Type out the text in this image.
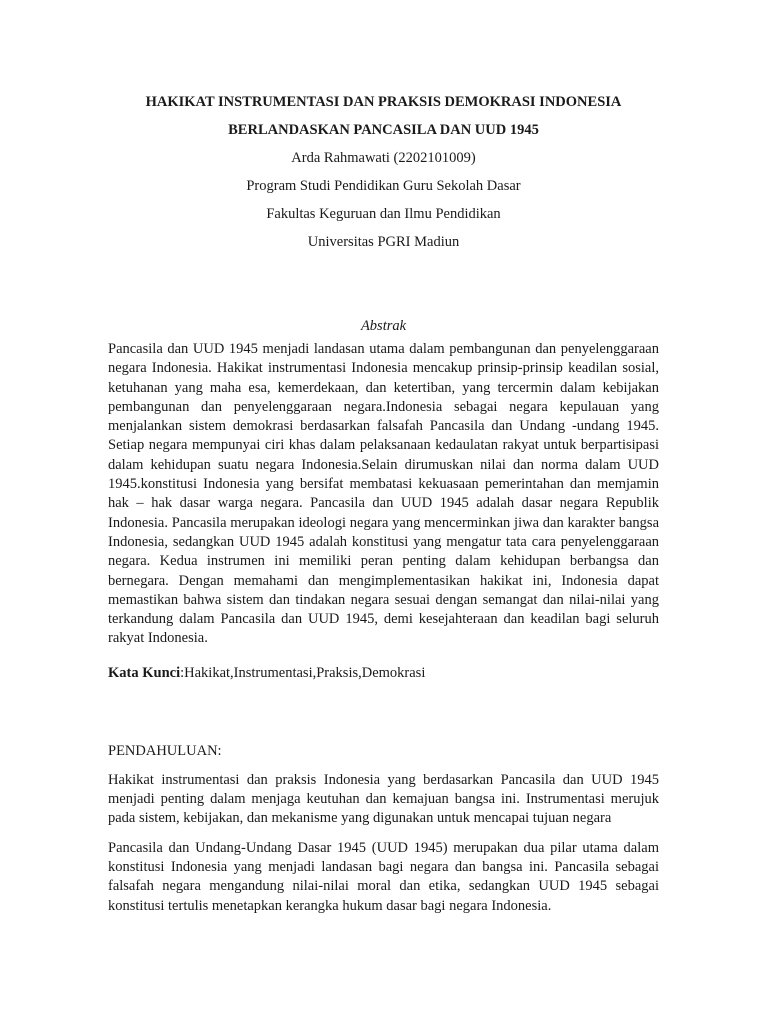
HAKIKAT INSTRUMENTASI DAN PRAKSIS DEMOKRASI INDONESIA

BERLANDASKAN PANCASILA DAN UUD 1945

Arda Rahmawati (2202101009)

Program Studi Pendidikan Guru Sekolah Dasar

Fakultas Keguruan dan Ilmu Pendidikan

Universitas PGRI Madiun

Abstrak

Pancasila dan UUD 1945 menjadi landasan utama dalam pembangunan dan penyelenggaraan negara Indonesia. Hakikat instrumentasi Indonesia mencakup prinsip-prinsip keadilan sosial, ketuhanan yang maha esa, kemerdekaan, dan ketertiban, yang tercermin dalam kebijakan pembangunan dan penyelenggaraan negara.Indonesia sebagai negara kepulauan yang menjalankan sistem demokrasi berdasarkan falsafah Pancasila dan Undang -undang 1945. Setiap negara mempunyai ciri khas dalam pelaksanaan kedaulatan rakyat untuk berpartisipasi dalam kehidupan suatu negara Indonesia.Selain dirumuskan nilai dan norma dalam UUD 1945.konstitusi Indonesia yang bersifat membatasi kekuasaan pemerintahan dan memjamin hak – hak dasar warga negara. Pancasila dan UUD 1945 adalah dasar negara Republik Indonesia. Pancasila merupakan ideologi negara yang mencerminkan jiwa dan karakter bangsa Indonesia, sedangkan UUD 1945 adalah konstitusi yang mengatur tata cara penyelenggaraan negara. Kedua instrumen ini memiliki peran penting dalam kehidupan berbangsa dan bernegara. Dengan memahami dan mengimplementasikan hakikat ini, Indonesia dapat memastikan bahwa sistem dan tindakan negara sesuai dengan semangat dan nilai-nilai yang terkandung dalam Pancasila dan UUD 1945, demi kesejahteraan dan keadilan bagi seluruh rakyat Indonesia.

Kata Kunci:Hakikat,Instrumentasi,Praksis,Demokrasi

PENDAHULUAN:

Hakikat instrumentasi dan praksis Indonesia yang berdasarkan Pancasila dan UUD 1945 menjadi penting dalam menjaga keutuhan dan kemajuan bangsa ini. Instrumentasi merujuk pada sistem, kebijakan, dan mekanisme yang digunakan untuk mencapai tujuan negara

Pancasila dan Undang-Undang Dasar 1945 (UUD 1945) merupakan dua pilar utama dalam konstitusi Indonesia yang menjadi landasan bagi negara dan bangsa ini. Pancasila sebagai falsafah negara mengandung nilai-nilai moral dan etika, sedangkan UUD 1945 sebagai konstitusi tertulis menetapkan kerangka hukum dasar bagi negara Indonesia.
